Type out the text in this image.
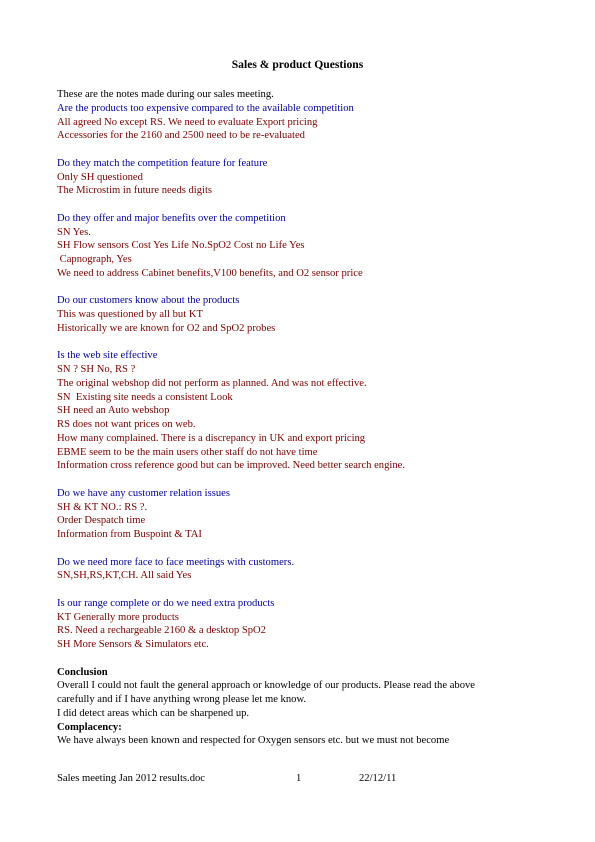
Sales & product Questions
These are the notes made during our sales meeting.
Are the products too expensive compared to the available competition
All agreed No except RS. We need to evaluate Export pricing
Accessories for the 2160 and 2500 need to be re-evaluated
Do they match the competition feature for feature
Only SH questioned
The Microstim in future needs digits
Do they offer and major benefits over the competition
SN Yes.
SH Flow sensors Cost Yes Life No.SpO2 Cost no Life Yes
Capnograph, Yes
We need to address Cabinet benefits,V100 benefits, and O2 sensor price
Do our customers know about the products
This was questioned by all but KT
Historically we are known for O2 and SpO2 probes
Is the web site effective
SN ? SH No, RS ?
The original webshop did not perform as planned. And was not effective.
SN  Existing site needs a consistent Look
SH need an Auto webshop
RS does not want prices on web.
How many complained. There is a discrepancy in UK and export pricing
EBME seem to be the main users other staff do not have time
Information cross reference good but can be improved. Need better search engine.
Do we have any customer relation issues
SH & KT NO.: RS ?.
Order Despatch time
Information from Buspoint & TAI
Do we need more face to face meetings with customers.
SN,SH,RS,KT,CH. All said Yes
Is our range complete or do we need extra products
KT Generally more products
RS. Need a rechargeable 2160 & a desktop SpO2
SH More Sensors & Simulators etc.
Conclusion
Overall I could not fault the general approach or knowledge of our products. Please read the above
carefully and if I have anything wrong please let me know.
I did detect areas which can be sharpened up.
Complacency:
We have always been known and respected for Oxygen sensors etc. but we must not become
Sales meeting Jan 2012 results.doc	1	22/12/11
